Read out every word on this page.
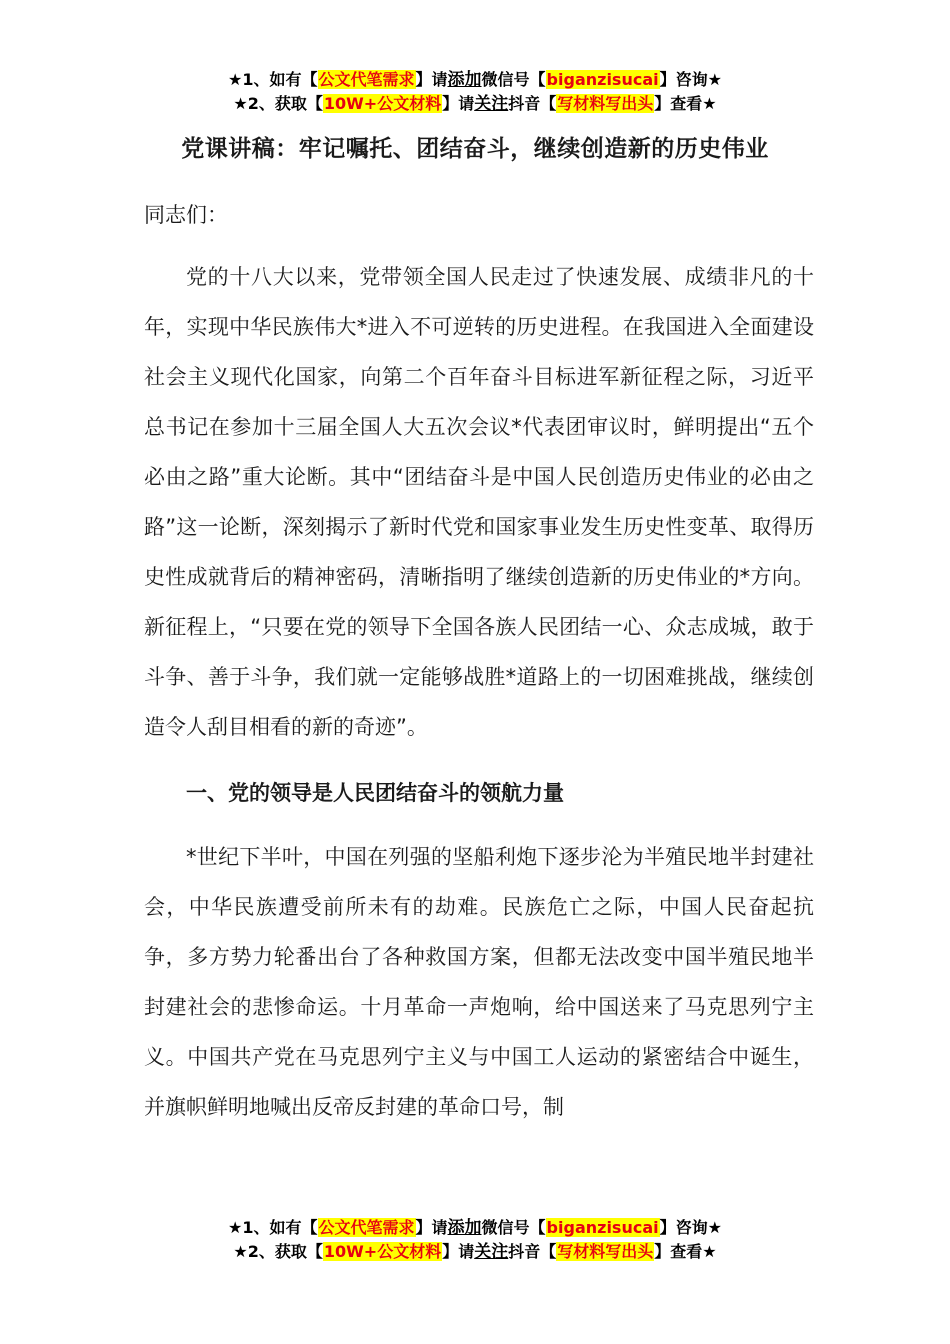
★1、如有【公文代笔需求】请添加微信号【biganzisucai】咨询★
★2、获取【10W+公文材料】请关注抖音【写材料写出头】查看★
党课讲稿：牢记嘱托、团结奋斗，继续创造新的历史伟业

同志们：

党的十八大以来，党带领全国人民走过了快速发展、成绩非凡的十年，实现中华民族伟大*进入不可逆转的历史进程。在我国进入全面建设社会主义现代化国家，向第二个百年奋斗目标进军新征程之际，习近平总书记在参加十三届全国人大五次会议*代表团审议时，鲜明提出“五个必由之路”重大论断。其中“团结奋斗是中国人民创造历史伟业的必由之路”这一论断，深刻揭示了新时代党和国家事业发生历史性变革、取得历史性成就背后的精神密码，清晰指明了继续创造新的历史伟业的*方向。新征程上，“只要在党的领导下全国各族人民团结一心、众志成城，敢于斗争、善于斗争，我们就一定能够战胜*道路上的一切困难挑战，继续创造令人刮目相看的新的奇迹”。

一、党的领导是人民团结奋斗的领航力量

*世纪下半叶，中国在列强的坚船利炮下逐步沦为半殖民地半封建社会，中华民族遭受前所未有的劫难。民族危亡之际，中国人民奋起抗争，多方势力轮番出台了各种救国方案，但都无法改变中国半殖民地半封建社会的悲惨命运。十月革命一声炮响，给中国送来了马克思列宁主义。中国共产党在马克思列宁主义与中国工人运动的紧密结合中诞生，并旗帜鲜明地喊出反帝反封建的革命口号，制

★1、如有【公文代笔需求】请添加微信号【biganzisucai】咨询★
★2、获取【10W+公文材料】请关注抖音【写材料写出头】查看★
